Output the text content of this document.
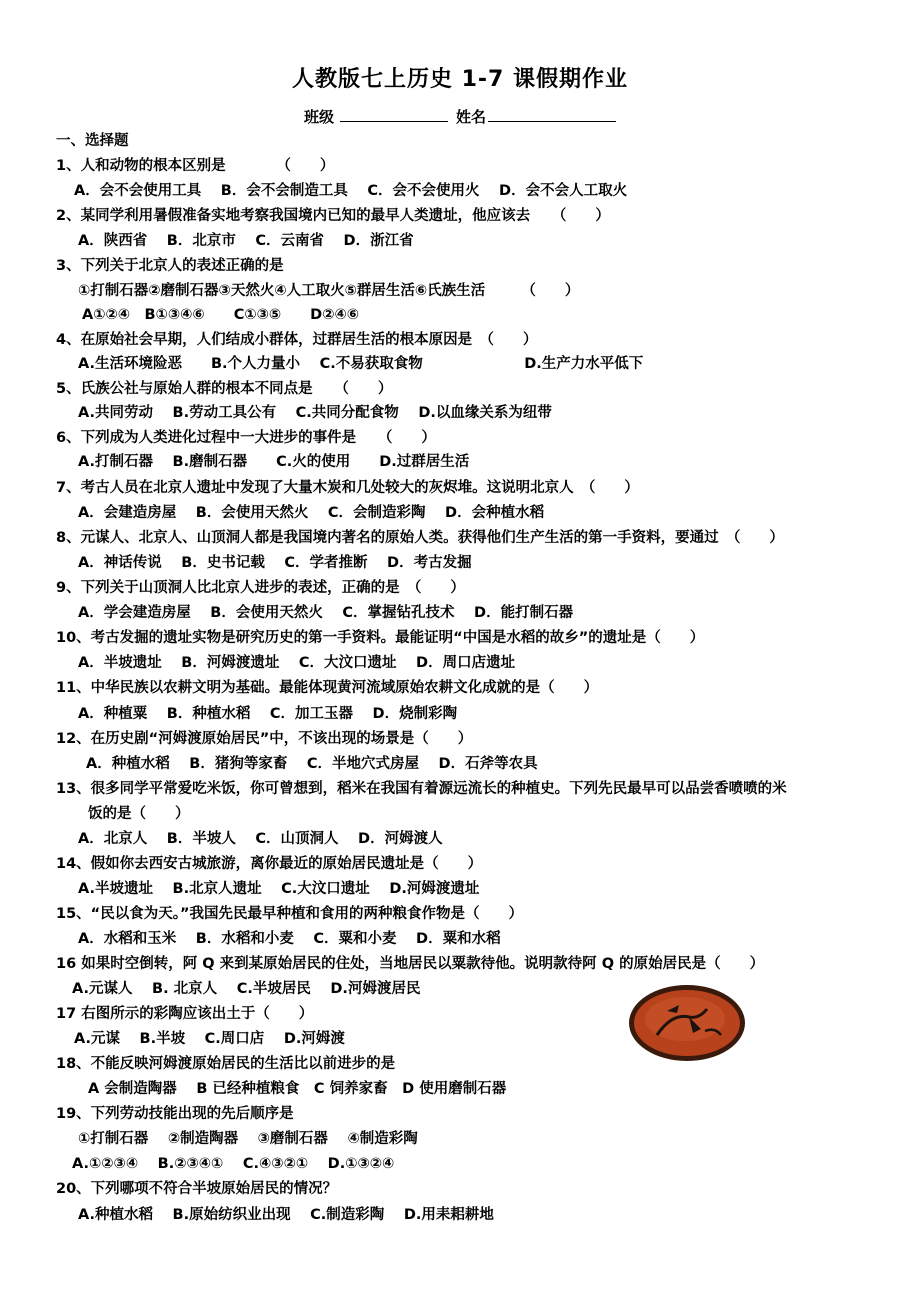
人教版七上历史 1-7 课假期作业
班级	姓名
一、选择题
1、人和动物的根本区别是　　　　（　　）
A．会不会使用工具　 B．会不会制造工具　 C．会不会使用火　 D．会不会人工取火
2、某同学利用暑假准备实地考察我国境内已知的最早人类遗址，他应该去　　（　　）
A．陕西省　 B．北京市　 C．云南省　 D．浙江省
3、下列关于北京人的表述正确的是
①打制石器②磨制石器③天然火④人工取火⑤群居生活⑥氏族生活　　　（　　）
A①②④　B①③④⑥　　C①③⑤　　D②④⑥
4、在原始社会早期，人们结成小群体，过群居生活的根本原因是　（　　）
A.生活环境险恶　　B.个人力量小　 C.不易获取食物　　　　　　　D.生产力水平低下
5、氏族公社与原始人群的根本不同点是　　（　　）
A.共同劳动　 B.劳动工具公有　 C.共同分配食物　 D.以血缘关系为纽带
6、下列成为人类进化过程中一大进步的事件是　　（　　）
A.打制石器　 B.磨制石器　　C.火的使用　　D.过群居生活
7、考古人员在北京人遗址中发现了大量木炭和几处较大的灰烬堆。这说明北京人　（　　）
A．会建造房屋　 B．会使用天然火　 C．会制造彩陶　 D．会种植水稻
8、元谋人、北京人、山顶洞人都是我国境内著名的原始人类。获得他们生产生活的第一手资料，要通过　（　　）
A．神话传说　 B．史书记载　 C．学者推断　 D．考古发掘
9、下列关于山顶洞人比北京人进步的表述，正确的是　（　　）
A．学会建造房屋　 B．会使用天然火　 C．掌握钻孔技术　 D．能打制石器
10、考古发掘的遗址实物是研究历史的第一手资料。最能证明“中国是水稻的故乡”的遗址是（　　）
A．半坡遗址　 B．河姆渡遗址　 C．大汶口遗址　 D．周口店遗址
11、中华民族以农耕文明为基础。最能体现黄河流域原始农耕文化成就的是（　　）
A．种植粟　 B．种植水稻　 C．加工玉器　 D．烧制彩陶
12、在历史剧“河姆渡原始居民”中，不该出现的场景是（　　）
A．种植水稻　 B．猪狗等家畜　 C．半地穴式房屋　 D．石斧等农具
13、很多同学平常爱吃米饭，你可曾想到，稻米在我国有着源远流长的种植史。下列先民最早可以品尝香喷喷的米
饭的是（　　）
A．北京人　 B．半坡人　 C．山顶洞人　 D．河姆渡人
14、假如你去西安古城旅游，离你最近的原始居民遗址是（　　）
A.半坡遗址　 B.北京人遗址　 C.大汶口遗址　 D.河姆渡遗址
15、“民以食为天。”我国先民最早种植和食用的两种粮食作物是（　　）
A．水稻和玉米　 B．水稻和小麦　 C．粟和小麦　 D．粟和水稻
16 如果时空倒转，阿 Q 来到某原始居民的住处，当地居民以粟款待他。说明款待阿 Q 的原始居民是（　　）
A.元谋人　 B. 北京人　 C.半坡居民　 D.河姆渡居民
17 右图所示的彩陶应该出土于（　　）
A.元谋　 B.半坡　 C.周口店　 D.河姆渡
18、不能反映河姆渡原始居民的生活比以前进步的是
A 会制造陶器　 B 已经种植粮食　C 饲养家畜　D 使用磨制石器
19、下列劳动技能出现的先后顺序是
①打制石器　 ②制造陶器　 ③磨制石器　 ④制造彩陶
A.①②③④　 B.②③④①　 C.④③②①　 D.①③②④
20、下列哪项不符合半坡原始居民的情况？
A.种植水稻　 B.原始纺织业出现　 C.制造彩陶　 D.用耒耜耕地
